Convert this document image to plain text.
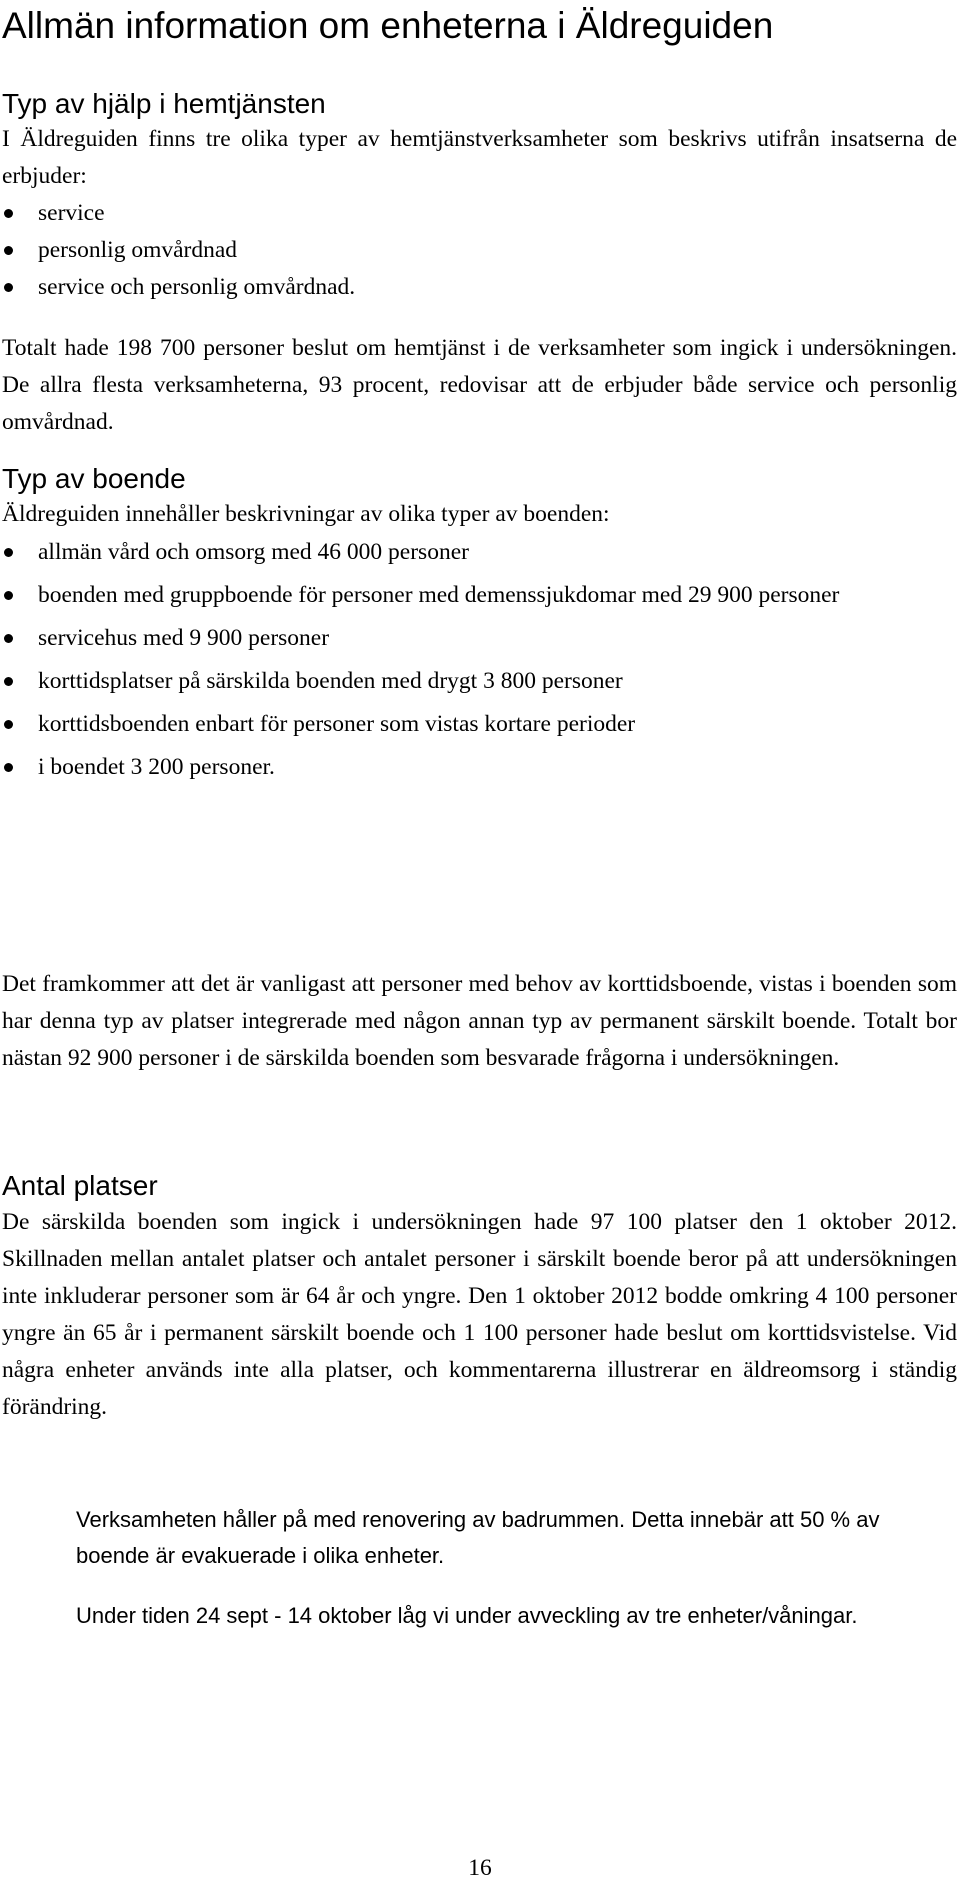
Allmän information om enheterna i Äldreguiden
Typ av hjälp i hemtjänsten

I Äldreguiden finns tre olika typer av hemtjänstverksamheter som beskrivs utifrån insatserna de erbjuder:

service
personlig omvårdnad
service och personlig omvårdnad.

Totalt hade 198 700 personer beslut om hemtjänst i de verksamheter som ingick i undersökningen. De allra flesta verksamheterna, 93 procent, redovisar att de erbjuder både service och personlig omvårdnad.

Typ av boende

Äldreguiden innehåller beskrivningar av olika typer av boenden:

allmän vård och omsorg med 46 000 personer
boenden med gruppboende för personer med demenssjukdomar med 29 900 personer
servicehus med 9 900 personer
korttidsplatser på särskilda boenden med drygt 3 800 personer
korttidsboenden enbart för personer som vistas kortare perioder
i boendet 3 200 personer.

Det framkommer att det är vanligast att personer med behov av korttidsboende, vistas i boenden som har denna typ av platser integrerade med någon annan typ av permanent särskilt boende. Totalt bor nästan 92 900 personer i de särskilda boenden som besvarade frågorna i undersökningen.

Antal platser

De särskilda boenden som ingick i undersökningen hade 97 100 platser den 1 oktober 2012. Skillnaden mellan antalet platser och antalet personer i särskilt boende beror på att undersökningen inte inkluderar personer som är 64 år och yngre. Den 1 oktober 2012 bodde omkring 4 100 personer yngre än 65 år i permanent särskilt boende och 1 100 personer hade beslut om korttidsvistelse. Vid några enheter används inte alla platser, och kommentarerna illustrerar en äldreomsorg i ständig förändring.

Verksamheten håller på med renovering av badrummen. Detta innebär att 50 % av boende är evakuerade i olika enheter.

Under tiden 24 sept - 14 oktober låg vi under avveckling av tre enheter/våningar.

16
